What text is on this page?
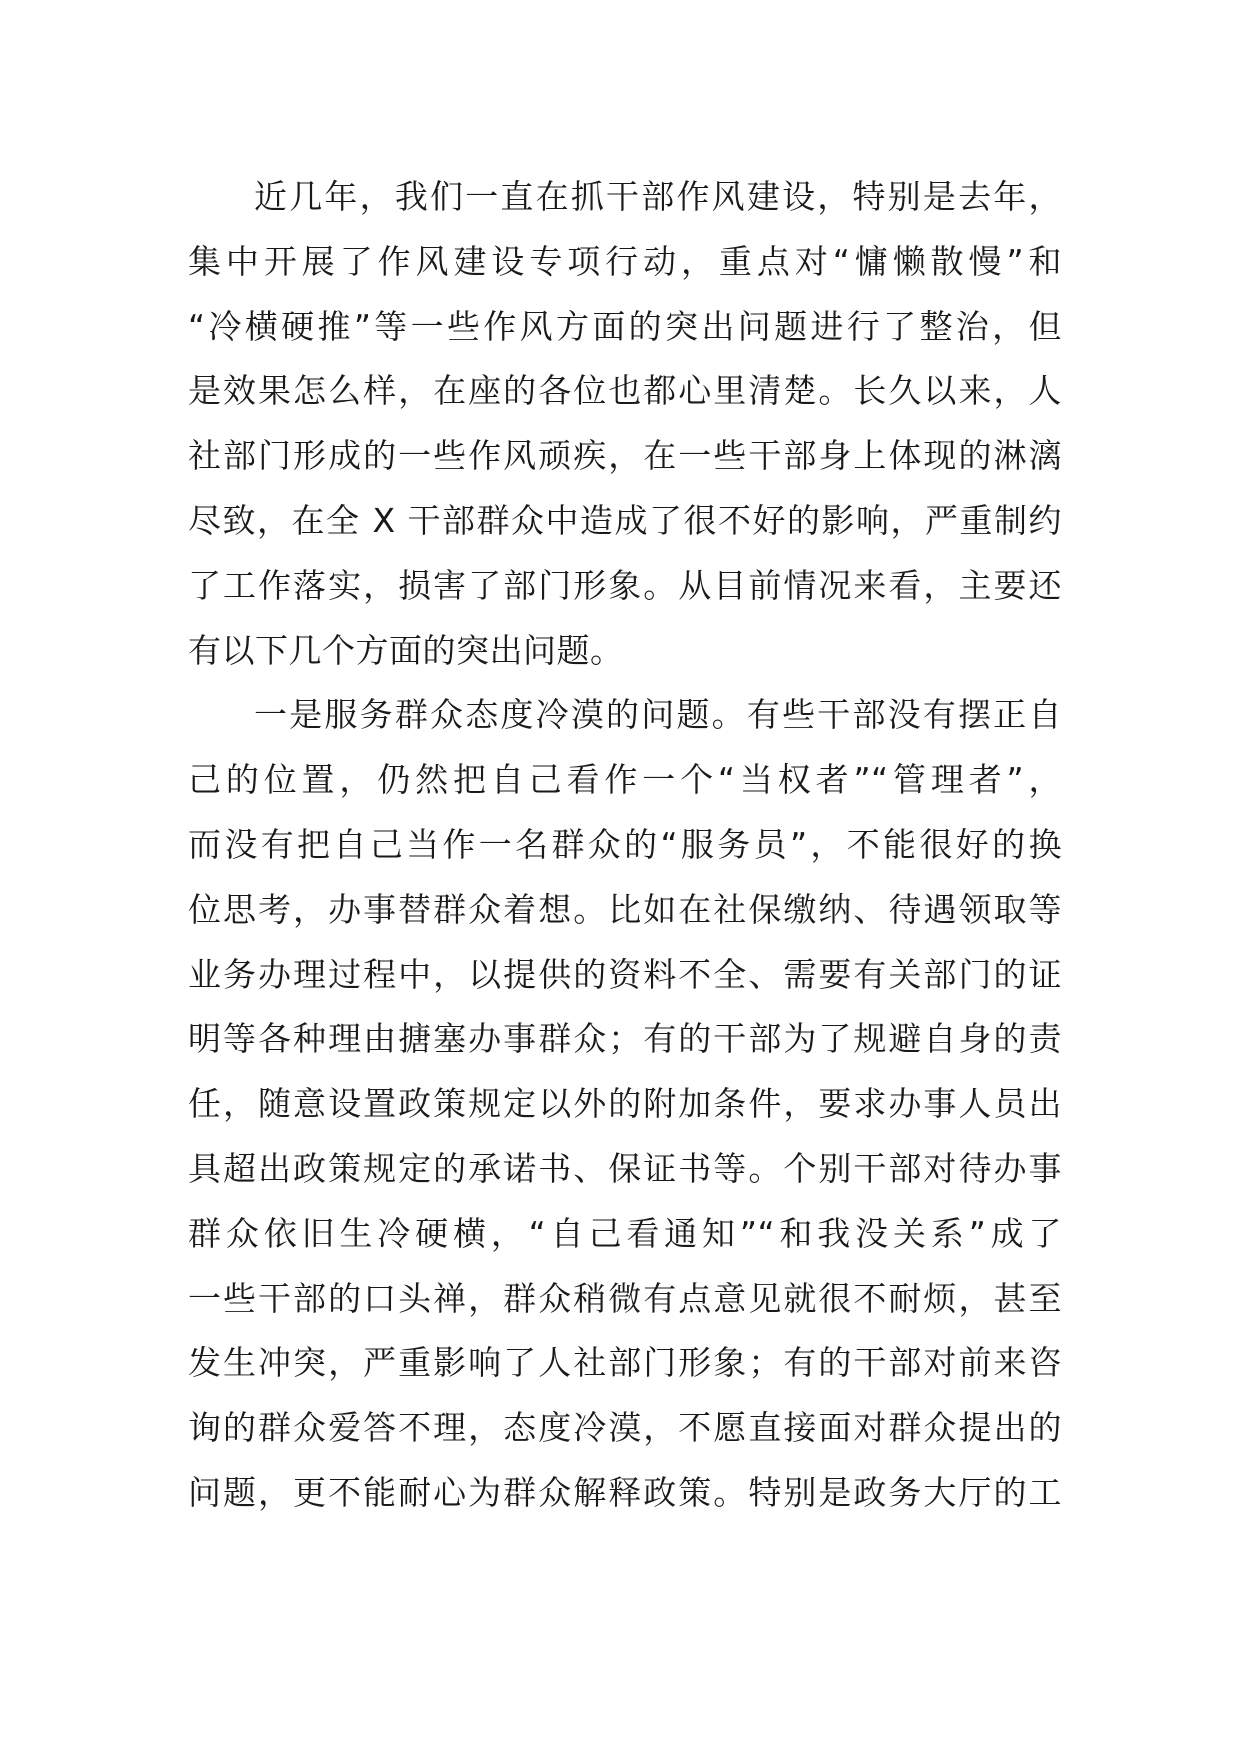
近几年，我们一直在抓干部作风建设，特别是去年，
集中开展了作风建设专项行动，重点对“慵懒散慢”和
“冷横硬推”等一些作风方面的突出问题进行了整治，但
是效果怎么样，在座的各位也都心里清楚。长久以来，人
社部门形成的一些作风顽疾，在一些干部身上体现的淋漓
尽致，在全 X 干部群众中造成了很不好的影响，严重制约
了工作落实，损害了部门形象。从目前情况来看，主要还
有以下几个方面的突出问题。
一是服务群众态度冷漠的问题。有些干部没有摆正自
己的位置，仍然把自己看作一个“当权者”“管理者”，
而没有把自己当作一名群众的“服务员”，不能很好的换
位思考，办事替群众着想。比如在社保缴纳、待遇领取等
业务办理过程中，以提供的资料不全、需要有关部门的证
明等各种理由搪塞办事群众；有的干部为了规避自身的责
任，随意设置政策规定以外的附加条件，要求办事人员出
具超出政策规定的承诺书、保证书等。个别干部对待办事
群众依旧生冷硬横，“自己看通知”“和我没关系”成了
一些干部的口头禅，群众稍微有点意见就很不耐烦，甚至
发生冲突，严重影响了人社部门形象；有的干部对前来咨
询的群众爱答不理，态度冷漠，不愿直接面对群众提出的
问题，更不能耐心为群众解释政策。特别是政务大厅的工
